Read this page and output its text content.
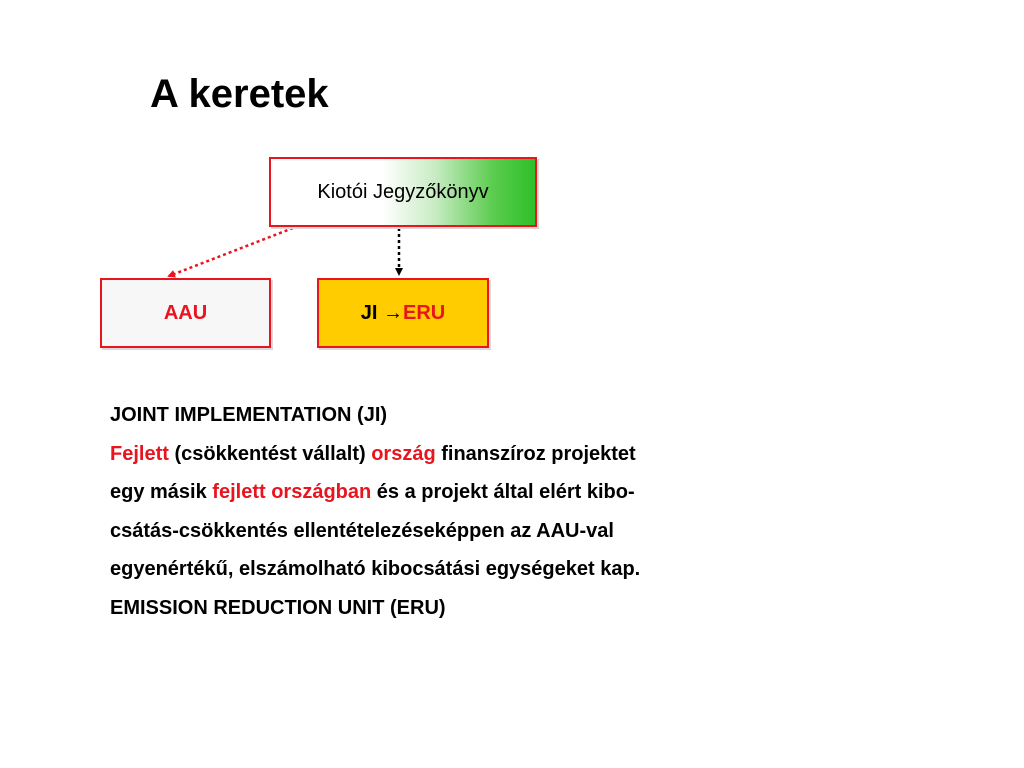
A keretek
Kiotói Jegyzőkönyv
AAU	JI → ERU
JOINT IMPLEMENTATION (JI)
Fejlett (csökkentést vállalt) ország finanszíroz projektet
egy másik fejlett országban és a projekt által elért kibo-
csátás-csökkentés ellentételezéseképpen az AAU-val
egyenértékű, elszámolható kibocsátási egységeket kap.
EMISSION REDUCTION UNIT (ERU)
